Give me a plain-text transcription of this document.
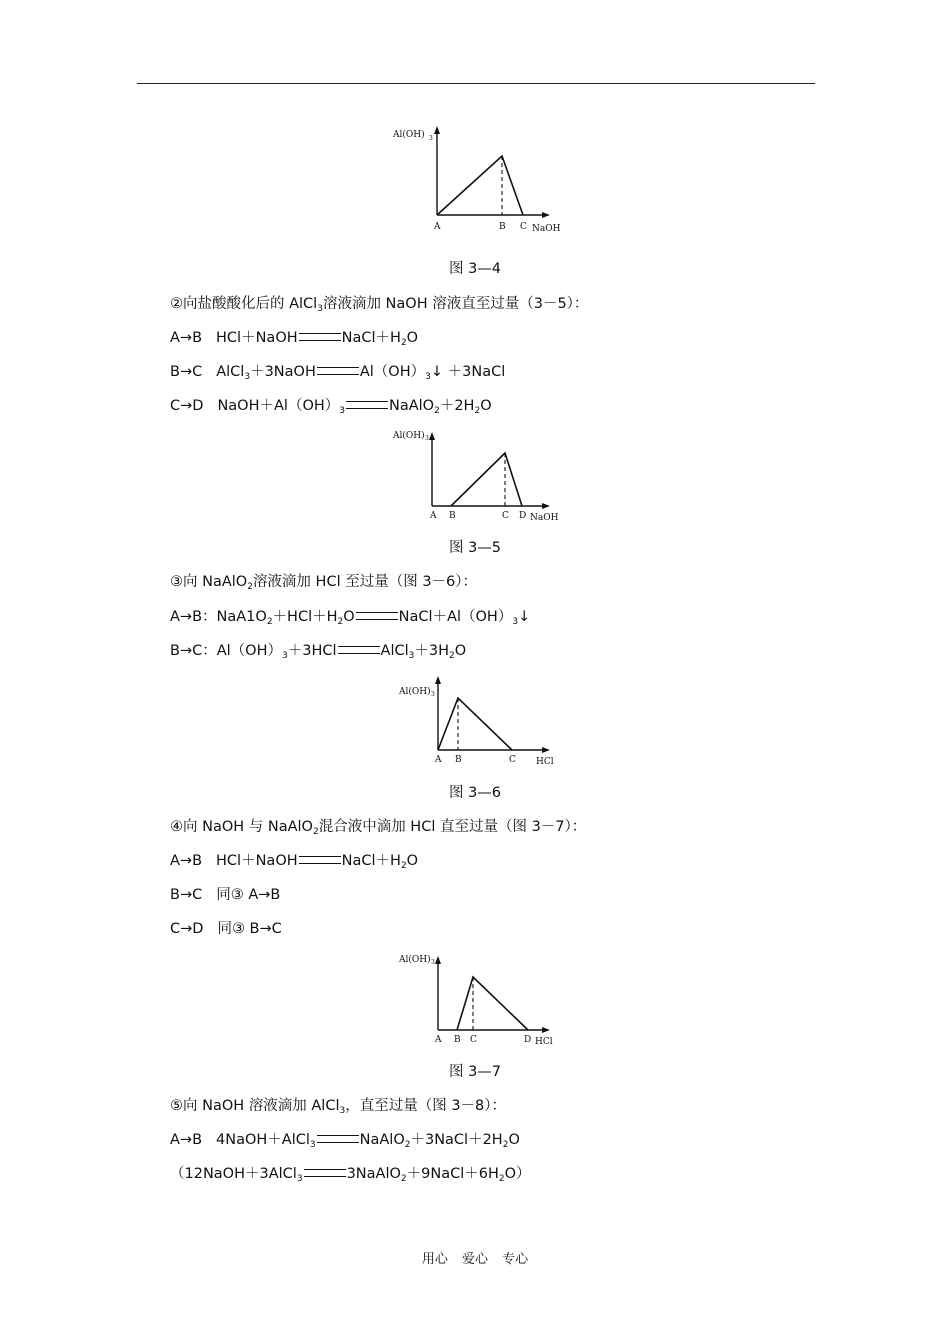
Al(OH) 3
A	B C NaOH
图 3—4
②向盐酸酸化后的 AlCl$_3$溶液滴加 NaOH 溶液直至过量（3－5）：
A→B HCl＋NaOH	$NaCl+H_2O$
B→C AlCl$_3$＋3NaOH	$Al(OH)_3↓$ ＋3NaCl
C→D $NaOH+Al(OH)_3$	$NaAlO_2+2H_2O$
Al(OH) 3
A B	C D NaOH
图 3—5
③向 NaAlO$_2$溶液滴加 HCl 至过量（图 3－6）：
A→B：$NaA1O_2+HCl+H_2O$	$NaCl+Al(OH)_3↓$
B→C：$Al(OH)_3+3HCl$	$AlCl_3+3H_2O$
Al(OH) 3
A B	C HCl
图 3—6
④向 NaOH 与 NaAlO$_2$混合液中滴加 HCl 直至过量（图 3－7）：
A→B HCl＋NaOH	$NaCl+H_2O$
B→C 同③ A→B
C→D 同③ B→C
Al(OH) 3
A B C	D HCl
图 3—7
⑤向 NaOH 溶液滴加 AlCl$_3$，直至过量（图 3－8）：
A→B 4NaOH＋AlCl$_3$	$NaAlO_2+3NaCl+2H_2O$
（12NaOH＋3AlCl$_3$	$3NaAlO_2+9NaCl+6H_2O$）
用心 爱心 专心
